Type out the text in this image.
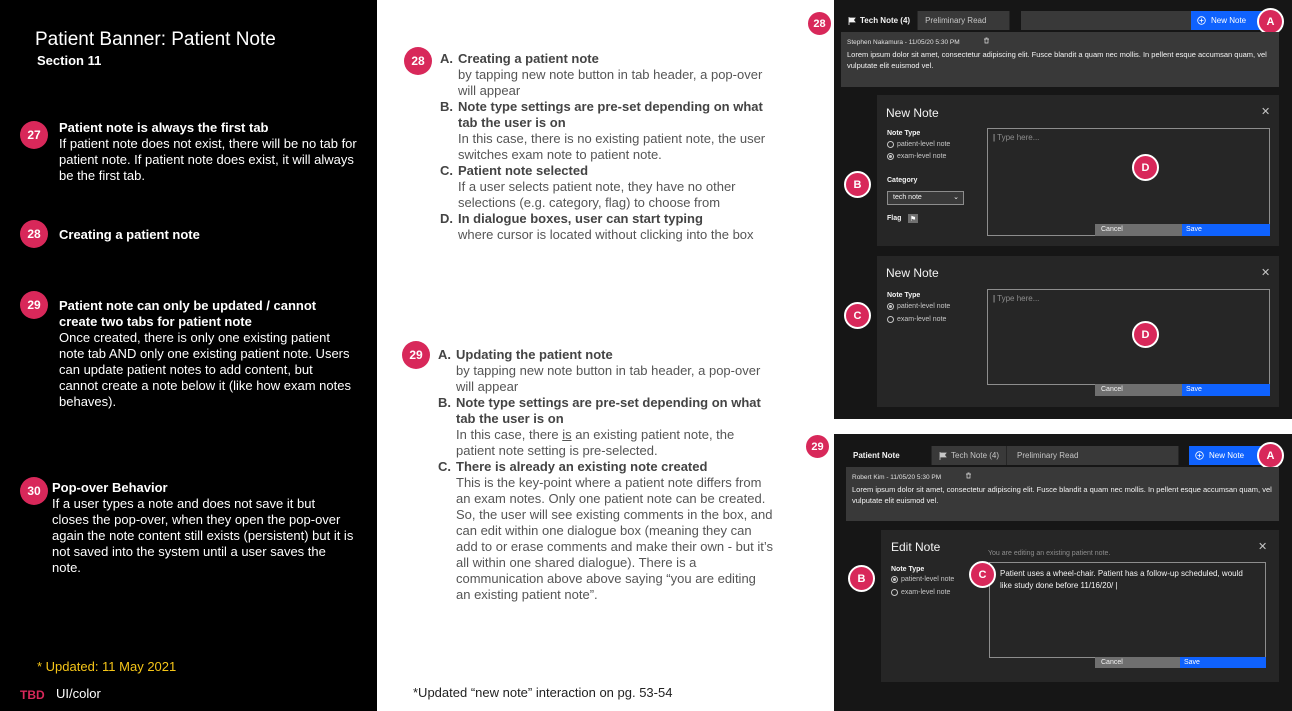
Patient Banner: Patient Note
Section 11
27	Patient note is always the first tab
If patient note does not exist, there will be no tab for patient note. If patient note does exist, it will always be the first tab.
28	Creating a patient note
29	Patient note can only be updated / cannot create two tabs for patient note
Once created, there is only one existing patient note tab AND only one existing patient note. Users can update patient notes to add content, but cannot create a note below it (like how exam notes behaves).
30 Pop-over Behavior
If a user types a note and does not save it but closes the pop-over, when they open the pop-over again the note content still exists (persistent) but it is not saved into the system until a user saves the note.
* Updated: 11 May 2021
TBD UI/color
28	A. Creating a patient note
by tapping new note button in tab header, a pop-over will appear
B. Note type settings are pre-set depending on what tab the user is on
In this case, there is no existing patient note, the user switches exam note to patient note.
C. Patient note selected
If a user selects patient note, they have no other selections (e.g. category, flag) to choose from
D. In dialogue boxes, user can start typing
where cursor is located without clicking into the box
29	A. Updating the patient note
by tapping new note button in tab header, a pop-over will appear
B. Note type settings are pre-set depending on what tab the user is on
In this case, there is an existing patient note, the patient note setting is pre-selected.
C. There is already an existing note created
This is the key-point where a patient note differs from an exam notes. Only one patient note can be created. So, the user will see existing comments in the box, and can edit within one dialogue box (meaning they can add to or erase comments and make their own - but it’s all within one shared dialogue). There is a communication above above saying “you are editing an existing patient note”.
*Updated “new note” interaction on pg. 53-54
28	Tech Note (4) Preliminary Read	New Note	A
Stephen Nakamura - 11/05/20 5:30 PM
Lorem ipsum dolor sit amet, consectetur adipiscing elit. Fusce blandit a quam nec mollis. In pellent esque accumsan quam, vel vulputate elit euismod vel.
New Note	✕
Note Type
patient-level note
exam-level note
Category
tech note	⌄
Flag ⚑
| Type here...
Cancel	Save
B
D
New Note	✕
Note Type
patient-level note
exam-level note
| Type here...
Cancel	Save
C
D
29
Patient Note	Tech Note (4) Preliminary Read	New Note	A
Robert Kim - 11/05/20 5:30 PM
Lorem ipsum dolor sit amet, consectetur adipiscing elit. Fusce blandit a quam nec mollis. In pellent esque accumsan quam, vel vulputate elit euismod vel.
Edit Note	You are editing an existing patient note.
✕
Note Type
patient-level note
exam-level note
Patient uses a wheel-chair. Patient has a follow-up scheduled, would like study done before 11/16/20/ |
Cancel	Save
B	C
